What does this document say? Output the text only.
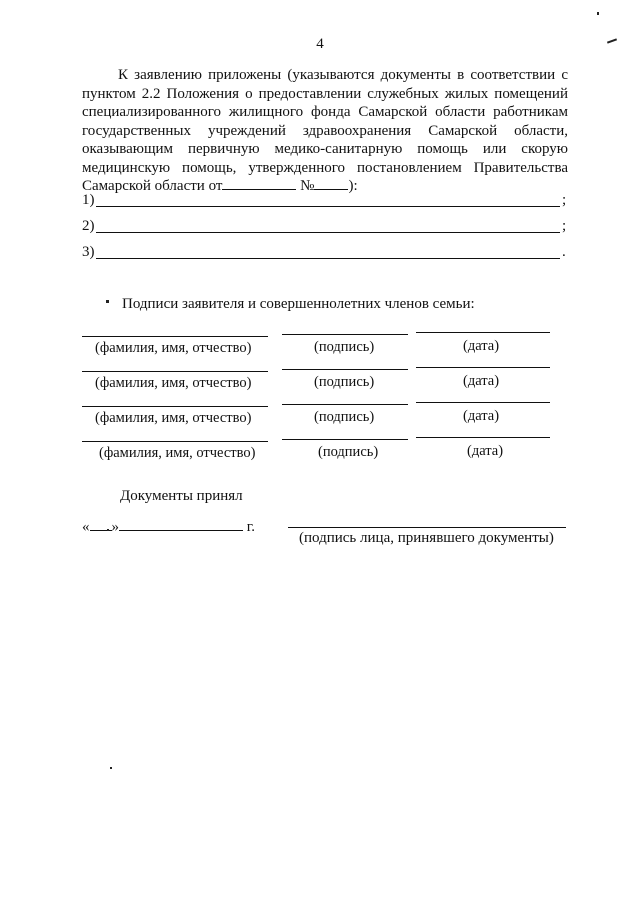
4
К заявлению приложены (указываются документы в соответствии с
пунктом 2.2 Положения о предоставлении служебных жилых помещений
специализированного жилищного фонда Самарской области работникам
государственных учреждений здравоохранения Самарской области,
оказывающим первичную медико-санитарную помощь или скорую
медицинскую помощь, утвержденного постановлением Правительства
Самарской области от	№ ):
1)	;
2)	;
3)	.
Подписи заявителя и совершеннолетних членов семьи:
(фамилия, имя, отчество)	(подпись)	(дата)
(фамилия, имя, отчество)	(подпись)	(дата)
(фамилия, имя, отчество)	(подпись)	(дата)
(фамилия, имя, отчество)	(подпись)	(дата)
Документы принял
« »	г.
(подпись лица, принявшего документы)
